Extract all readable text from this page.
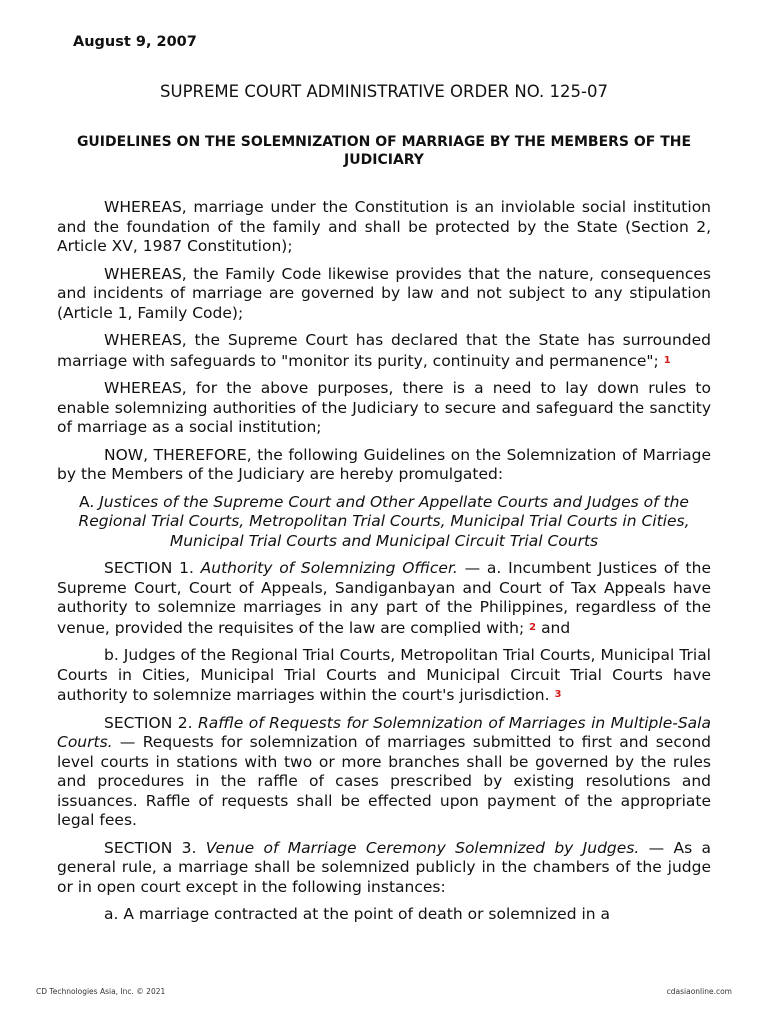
August 9, 2007
SUPREME COURT ADMINISTRATIVE ORDER NO. 125-07
GUIDELINES ON THE SOLEMNIZATION OF MARRIAGE BY THE MEMBERS OF THE JUDICIARY

WHEREAS, marriage under the Constitution is an inviolable social institution and the foundation of the family and shall be protected by the State (Section 2, Article XV, 1987 Constitution);

WHEREAS, the Family Code likewise provides that the nature, consequences and incidents of marriage are governed by law and not subject to any stipulation (Article 1, Family Code);

WHEREAS, the Supreme Court has declared that the State has surrounded marriage with safeguards to "monitor its purity, continuity and permanence"; 1

WHEREAS, for the above purposes, there is a need to lay down rules to enable solemnizing authorities of the Judiciary to secure and safeguard the sanctity of marriage as a social institution;

NOW, THEREFORE, the following Guidelines on the Solemnization of Marriage by the Members of the Judiciary are hereby promulgated:

A. Justices of the Supreme Court and Other Appellate Courts and Judges of the Regional Trial Courts, Metropolitan Trial Courts, Municipal Trial Courts in Cities, Municipal Trial Courts and Municipal Circuit Trial Courts

SECTION 1. Authority of Solemnizing Officer. — a. Incumbent Justices of the Supreme Court, Court of Appeals, Sandiganbayan and Court of Tax Appeals have authority to solemnize marriages in any part of the Philippines, regardless of the venue, provided the requisites of the law are complied with; 2 and

b. Judges of the Regional Trial Courts, Metropolitan Trial Courts, Municipal Trial Courts in Cities, Municipal Trial Courts and Municipal Circuit Trial Courts have authority to solemnize marriages within the court's jurisdiction. 3

SECTION 2. Raffle of Requests for Solemnization of Marriages in Multiple-Sala Courts. — Requests for solemnization of marriages submitted to first and second level courts in stations with two or more branches shall be governed by the rules and procedures in the raffle of cases prescribed by existing resolutions and issuances. Raffle of requests shall be effected upon payment of the appropriate legal fees.

SECTION 3. Venue of Marriage Ceremony Solemnized by Judges. — As a general rule, a marriage shall be solemnized publicly in the chambers of the judge or in open court except in the following instances:

a. A marriage contracted at the point of death or solemnized in a

CD Technologies Asia, Inc. © 2021	cdasiaonline.com
